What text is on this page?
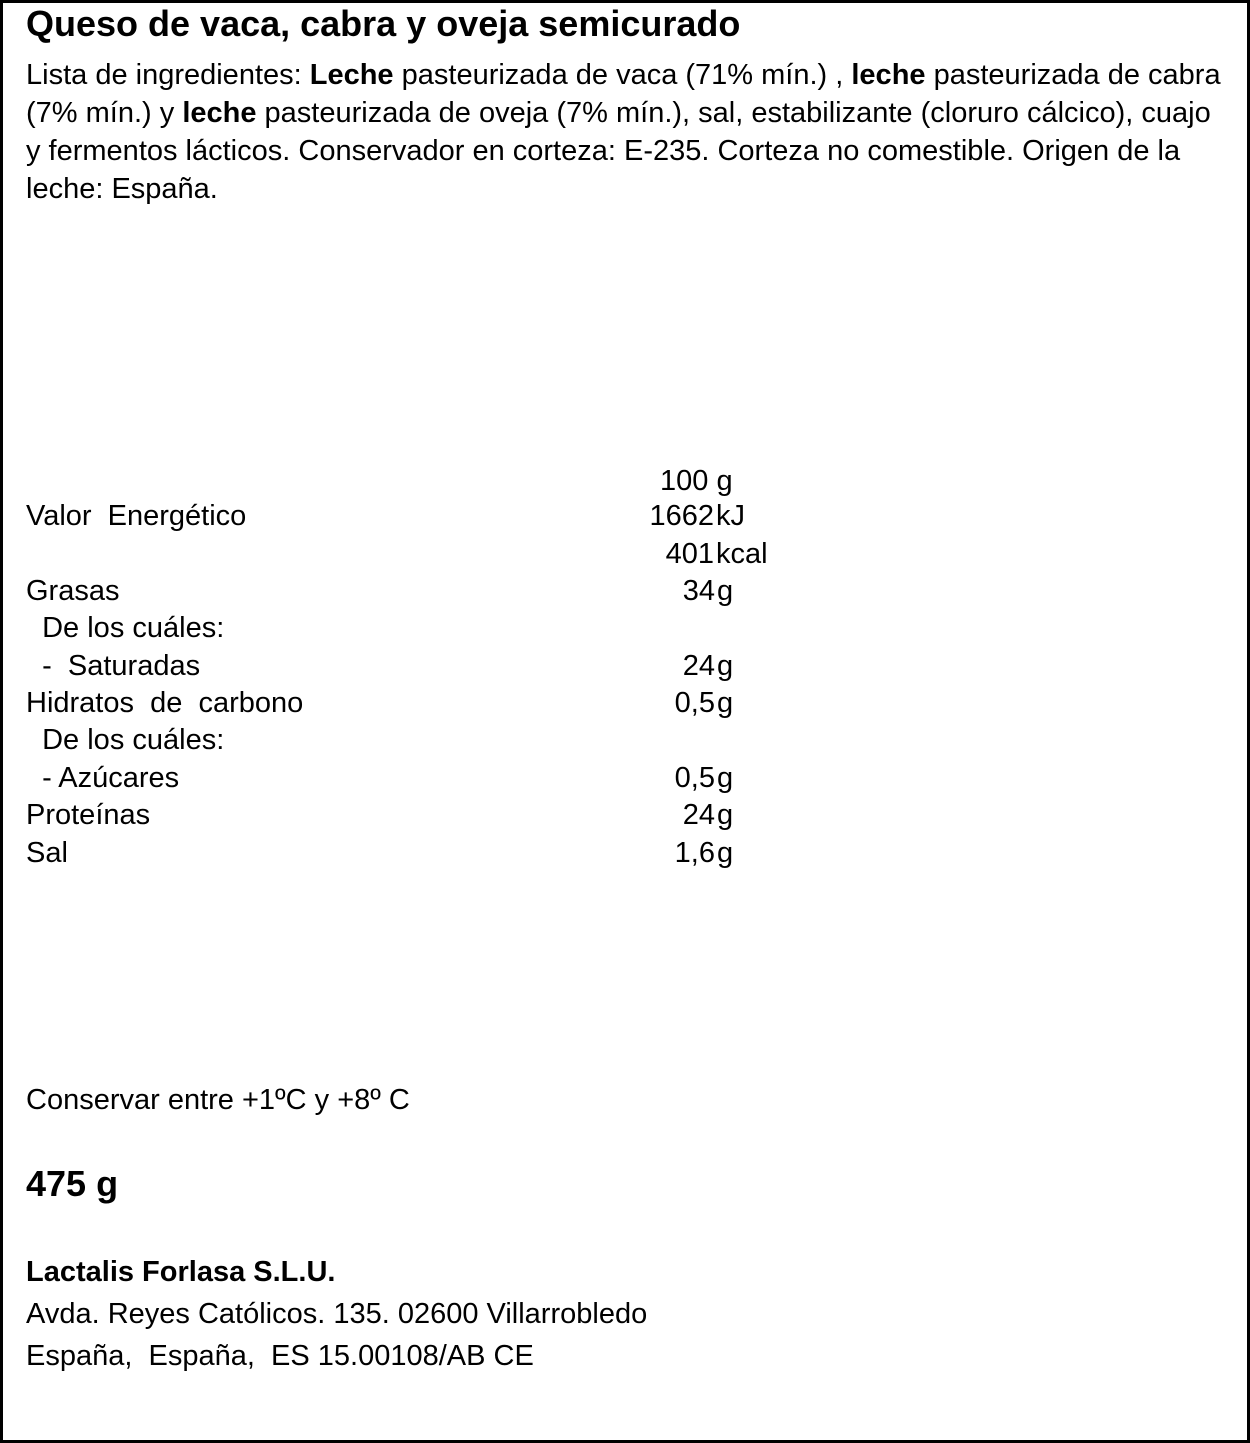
Queso de vaca, cabra y oveja semicurado
Lista de ingredientes: Leche pasteurizada de vaca (71% mín.) , leche pasteurizada de cabra (7% mín.) y leche pasteurizada de oveja (7% mín.), sal, estabilizante (cloruro cálcico), cuajo y fermentos lácticos. Conservador en corteza: E-235. Corteza no comestible. Origen de la leche: España.
100 g
Valor  Energético	1662 kJ
401 kcal
Grasas	34 g
De los cuáles:
-  Saturadas	24 g
Hidratos  de  carbono	0,5 g
De los cuáles:
- Azúcares	0,5 g
Proteínas	24 g
Sal	1,6 g
Conservar entre +1ºC y +8º C
475 g
Lactalis Forlasa S.L.U.
Avda. Reyes Católicos. 135. 02600 Villarrobledo
España,  España,  ES 15.00108/AB CE
